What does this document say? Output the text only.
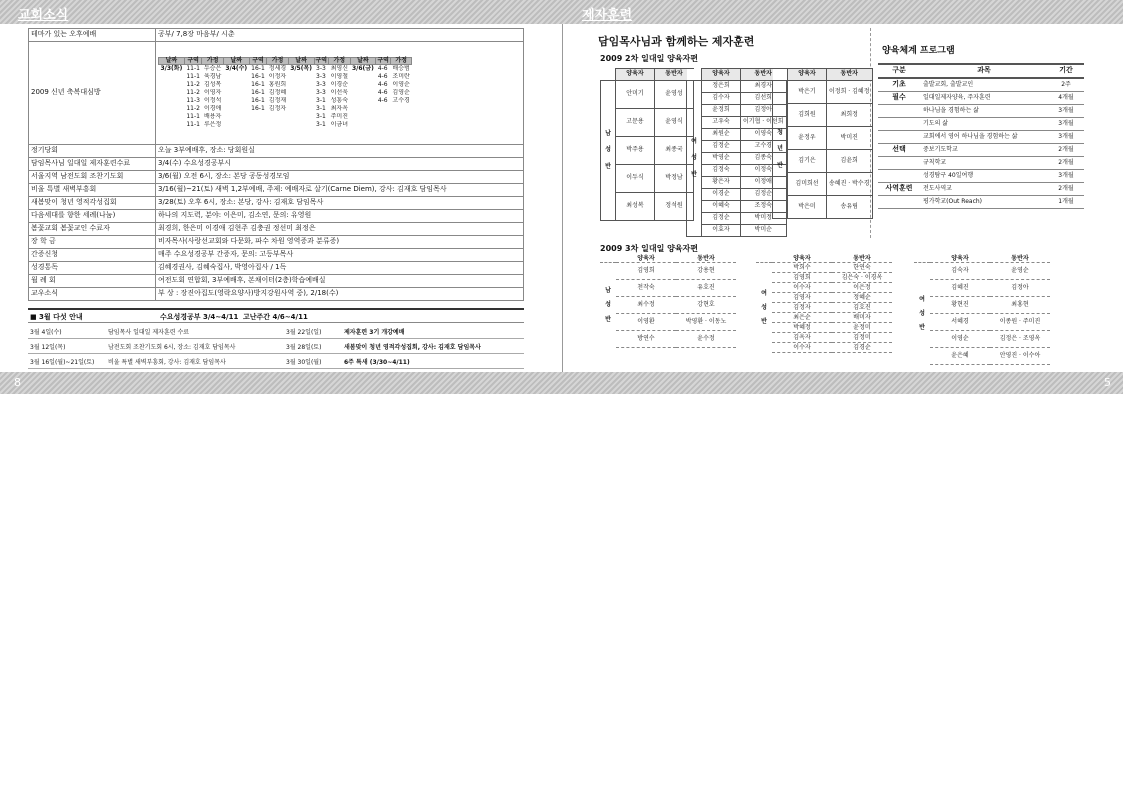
교회소식	제자훈련
8	5
테마가 있는 오후예배	공부/ 7,8장 마음부/ 시춘
2009 신년 축복대심방	
날짜	구역	가정	날짜	구역	가정	날짜	구역	가정	날짜	구역	가정
3/3(화)	11-1	두승은	3/4(수)	16-1	정세경	3/5(목)	3-3	최영신	3/6(금)	4-6	배승범
	11-1	육경남		16-1	이정자		3-3	이영철		4-6	조미란
	11-2	김성목		16-1	홍원희		3-3	이경순		4-6	이영순
	11-2	이영자		16-1	김정혜		3-3	이선욱		4-6	김영순
	11-3	이정석		16-1	김정재		3-1	성흥숙		4-6	고수경
	11-2	이경애		16-1	김정자		3-1	최자옥			
	11-1	배용자					3-1	주미진			
	11-1	루은정					3-1	이금녀			

정기당회	오늘 3부예배후, 장소: 당회원실
담임목사님 일대일 제자훈련수료	3/4(수) 수요성경공부시
서울지역 남전도회 조찬기도회	3/6(월) 오전 6시, 장소: 본당 공동성경모임
비울 특별 새벽부흥회	3/16(월)~21(토) 새벽 1,2부예배, 주제: 예배자로 살기(Carne Diem), 강사: 김재호 담임목사
새봄맞이 청년 영적각성집회	3/28(토) 오후 6시, 장소: 본당, 강사: 김재호 담임목사
다음세대를 향한 세례(나눔)	하나의 지도력, 분야: 이은미, 김소연, 문의: 유영원
봄꽃교회 봄꽃교인 수료자	최경희, 한은미 이경애 김현주 김충권 정선미 최정은
장 학 금	비자목사(사랑선교회와 다문화, 파수 차원 영역증과 분류증)
간증신청	매주 수요성경공부 간증자, 문의: 고등부목사
성경통독	김혜경권사, 김혜숙집사, 박영아집사 / 1독
월 례 회	여전도회 연합회, 3부예배후, 본채이터(2층)학습예배실
교우소식	부 상 : 장진아집도(영락요양사)방지강원사역 중), 2/18(수)
■ 3월 다섯 안내	수요성경공부 3/4~4/11 고난주간 4/6~4/11
3월 4일(수)	담임목사 일대일 제자훈련 수료	3월 22일(일)	제자훈련 3기 개강예배
3월 12일(목)	남전도회 조찬기도회 6시, 장소: 김재호 담임목사	3월 28일(토)	새봄맞이 청년 영적각성집회, 강사: 김재호 담임목사
3월 16일(월)~21일(토) 비울 특별 새벽부흥회, 강사: 김재호 담임목사	3월 30일(월)	6주 특새 (3/30~4/11)
담임목사님과 함께하는 제자훈련
2009 2차 일대일 양육자편
	양육자	동반자

남
성
반	안미기	윤영성
	고문용	윤영식
	박주용	최종국
	이두식	박정남
	최성복	정석원
	양육자	동반자

여
성
반	정은희	최경자
	김수자	김선희
	윤정희	김정아
	고우숙	이기협 · 이선희
	최원순	이영숙
	김정순	고수경
	박영순	김종숙
	김정숙	이정숙
	황은자	이정애
	이경순	김정순
	이혜숙	조정숙
	김정순	박미정
	이효자	박미순
	양육자	동반자

청
년
반	박은기	이정희 · 김혜정
	김희원	최희정
	윤정우	박미진
	김기은	김윤희
	김미희선	송혜진 · 박수경
	박은미	송유림
양육체계 프로그램
구분	과목	기간
기초	출발교회, 출발교인	2주
필수	일대일제자양육, 주자훈련	4개월
	하나님을 경험하는 삶	3개월
	기도의 삶	3개월
	교회에서 영어 하나님을 경험하는 삶	3개월
선택	중보기도학교	2개월
	규칙학교	2개월
	성경탐구 40일여행	3개월
사역훈련	전도사역교	2개월
	평가학교(Out Reach)	1개월
2009 3차 일대일 양육자편
	양육자	동반자

남
성
반	김영희	강용현
	천작숙	유호진
	최수정	강현호
	이영환	박영환 · 이동노
	방연수	윤수정
	양육자	동반자

여
성
반	박희수	한연숙
	김영희	김은숙 · 이경옥
	이수자	이은정
	김영자	정혜순
	김정자	김호진
	최은순	배미자
	박혜정	윤정미
	김옥자	김정미
	이수자	김경순
	양육자	동반자

여
성
반	김숙자	윤영순
	김혜진	김정아
	황현진	최홍현
	서혜경	이종원 · 주미진
	이영순	김정은 · 조영옥
	윤은혜	안영진 · 이수아
